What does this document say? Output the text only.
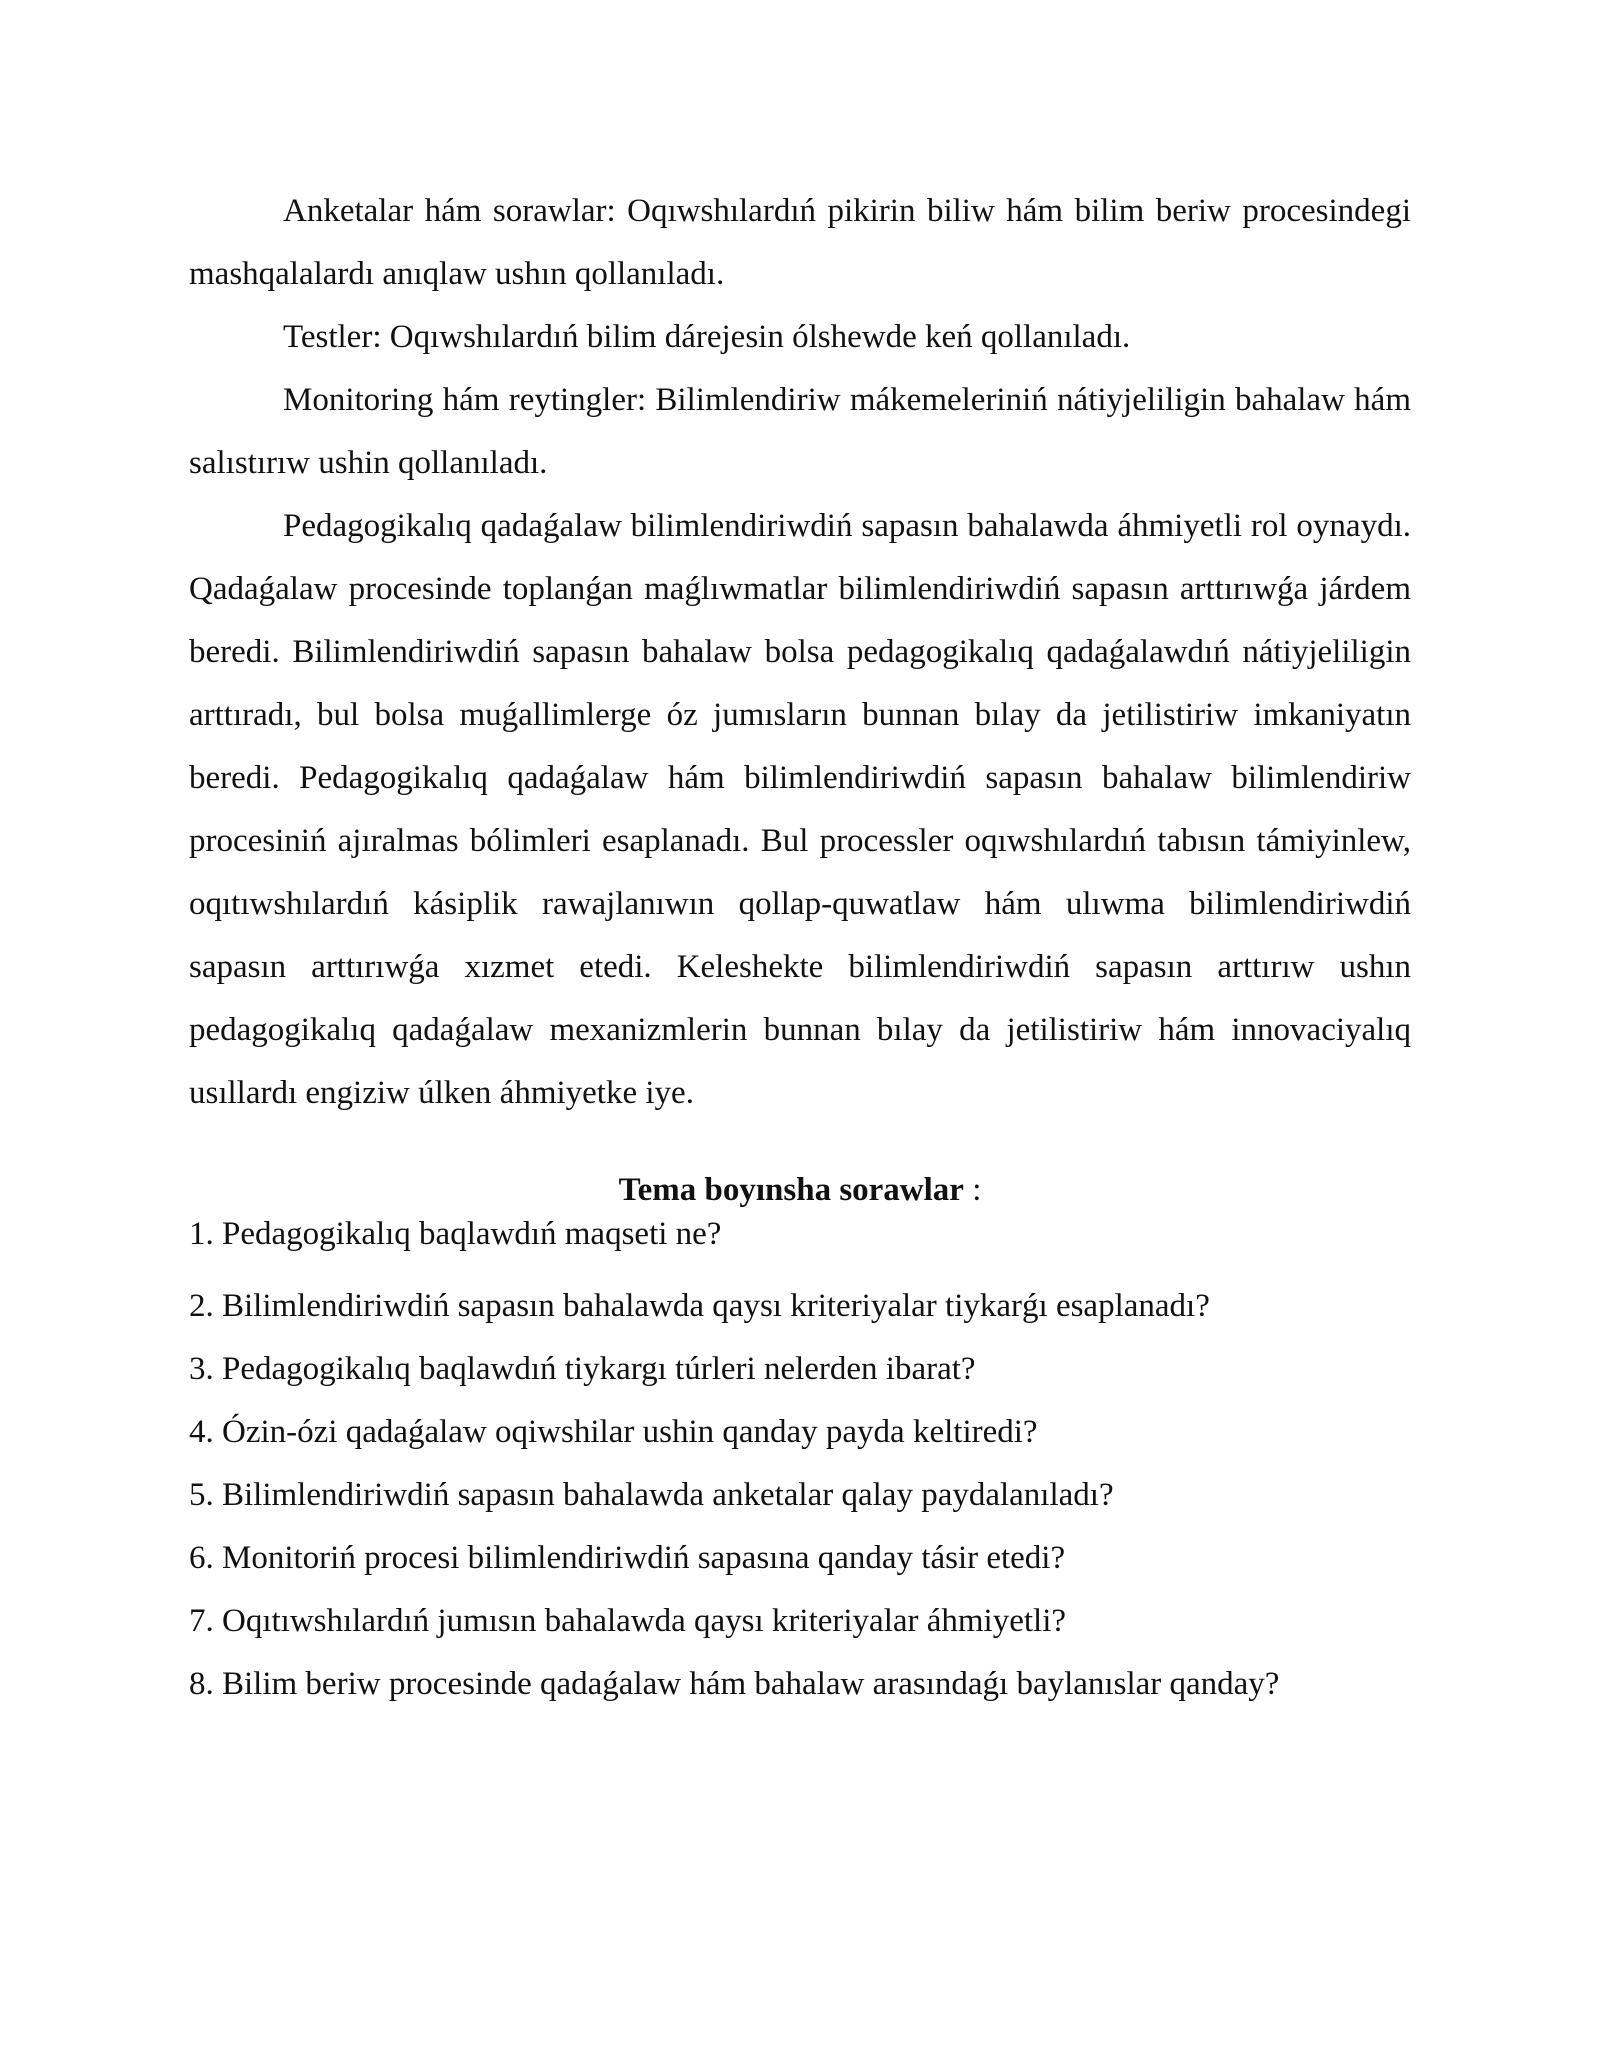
Anketalar hám sorawlar: Oqıwshılardıń pikirin biliw hám bilim beriw procesindegi mashqalalardı anıqlaw ushın qollanıladı.

Testler: Oqıwshılardıń bilim dárejesin ólshewde keń qollanıladı.

Monitoring hám reytingler: Bilimlendiriw mákemeleriniń nátiyjeliligin bahalaw hám salıstırıw ushin qollanıladı.

Pedagogikalıq qadaǵalaw bilimlendiriwdiń sapasın bahalawda áhmiyetli rol oynaydı. Qadaǵalaw procesinde toplanǵan maǵlıwmatlar bilimlendiriwdiń sapasın arttırıwǵa járdem beredi. Bilimlendiriwdiń sapasın bahalaw bolsa pedagogikalıq qadaǵalawdıń nátiyjeliligin arttıradı, bul bolsa muǵallimlerge óz jumısların bunnan bılay da jetilistiriw imkaniyatın beredi. Pedagogikalıq qadaǵalaw hám bilimlendiriwdiń sapasın bahalaw bilimlendiriw procesiniń ajıralmas bólimleri esaplanadı. Bul processler oqıwshılardıń tabısın támiyinlew, oqıtıwshılardıń kásiplik rawajlanıwın qollap-quwatlaw hám ulıwma bilimlendiriwdiń sapasın arttırıwǵa xızmet etedi. Keleshekte bilimlendiriwdiń sapasın arttırıw ushın pedagogikalıq qadaǵalaw mexanizmlerin bunnan bılay da jetilistiriw hám innovaciyalıq usıllardı engiziw úlken áhmiyetke iye.

Tema boyınsha sorawlar :
1. Pedagogikalıq baqlawdıń maqseti ne?
2. Bilimlendiriwdiń sapasın bahalawda qaysı kriteriyalar tiykarǵı esaplanadı?
3. Pedagogikalıq baqlawdıń tiykargı túrleri nelerden ibarat?
4. Ózin-ózi qadaǵalaw oqiwshilar ushin qanday payda keltiredi?
5. Bilimlendiriwdiń sapasın bahalawda anketalar qalay paydalanıladı?
6. Monitoriń procesi bilimlendiriwdiń sapasına qanday tásir etedi?
7. Oqıtıwshılardıń jumısın bahalawda qaysı kriteriyalar áhmiyetli?
8. Bilim beriw procesinde qadaǵalaw hám bahalaw arasındaǵı baylanıslar qanday?
